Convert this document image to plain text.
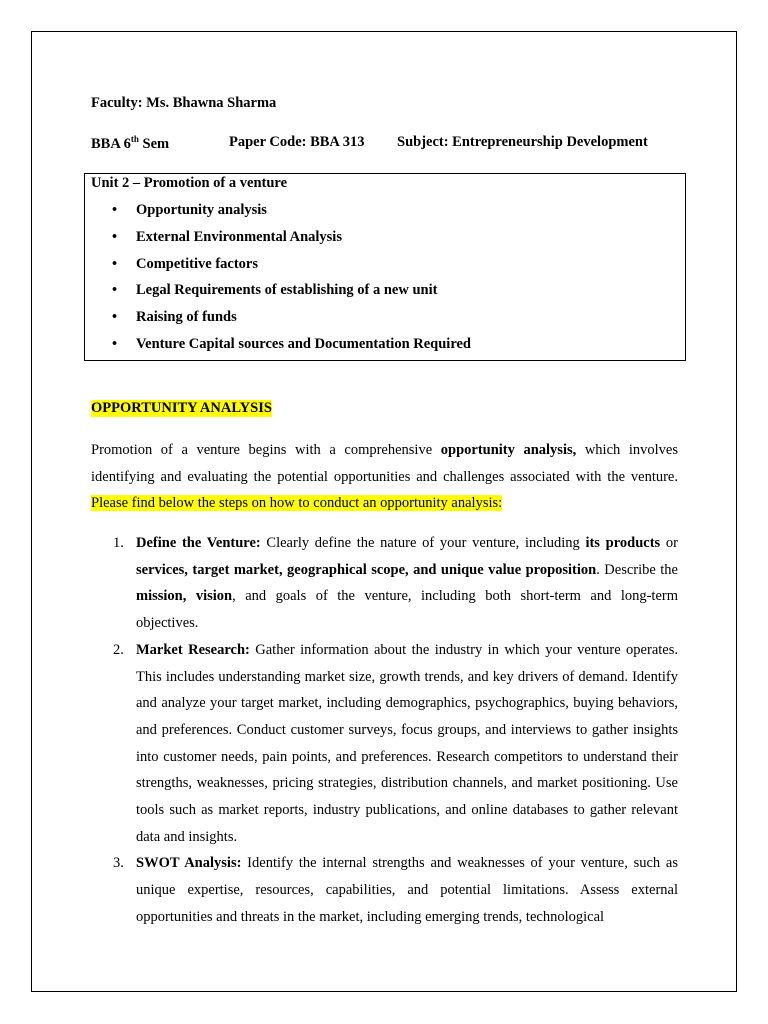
Faculty: Ms. Bhawna Sharma
BBA 6th Sem	Paper Code: BBA 313 Subject: Entrepreneurship Development
OPPORTUNITY ANALYSIS
Promotion of a venture begins with a comprehensive opportunity analysis, which involves identifying and evaluating the potential opportunities and challenges associated with the venture. Please find below the steps on how to conduct an opportunity analysis:
1. Define the Venture: Clearly define the nature of your venture, including its products or services, target market, geographical scope, and unique value proposition. Describe the mission, vision, and goals of the venture, including both short-term and long-term objectives.
2. Market Research: Gather information about the industry in which your venture operates. This includes understanding market size, growth trends, and key drivers of demand. Identify and analyze your target market, including demographics, psychographics, buying behaviors, and preferences. Conduct customer surveys, focus groups, and interviews to gather insights into customer needs, pain points, and preferences. Research competitors to understand their strengths, weaknesses, pricing strategies, distribution channels, and market positioning. Use tools such as market reports, industry publications, and online databases to gather relevant data and insights.
3. SWOT Analysis: Identify the internal strengths and weaknesses of your venture, such as unique expertise, resources, capabilities, and potential limitations. Assess external opportunities and threats in the market, including emerging trends, technological
Unit 2 – Promotion of a venture
• Opportunity analysis
• External Environmental Analysis
• Competitive factors
• Legal Requirements of establishing of a new unit
• Raising of funds
• Venture Capital sources and Documentation Required
